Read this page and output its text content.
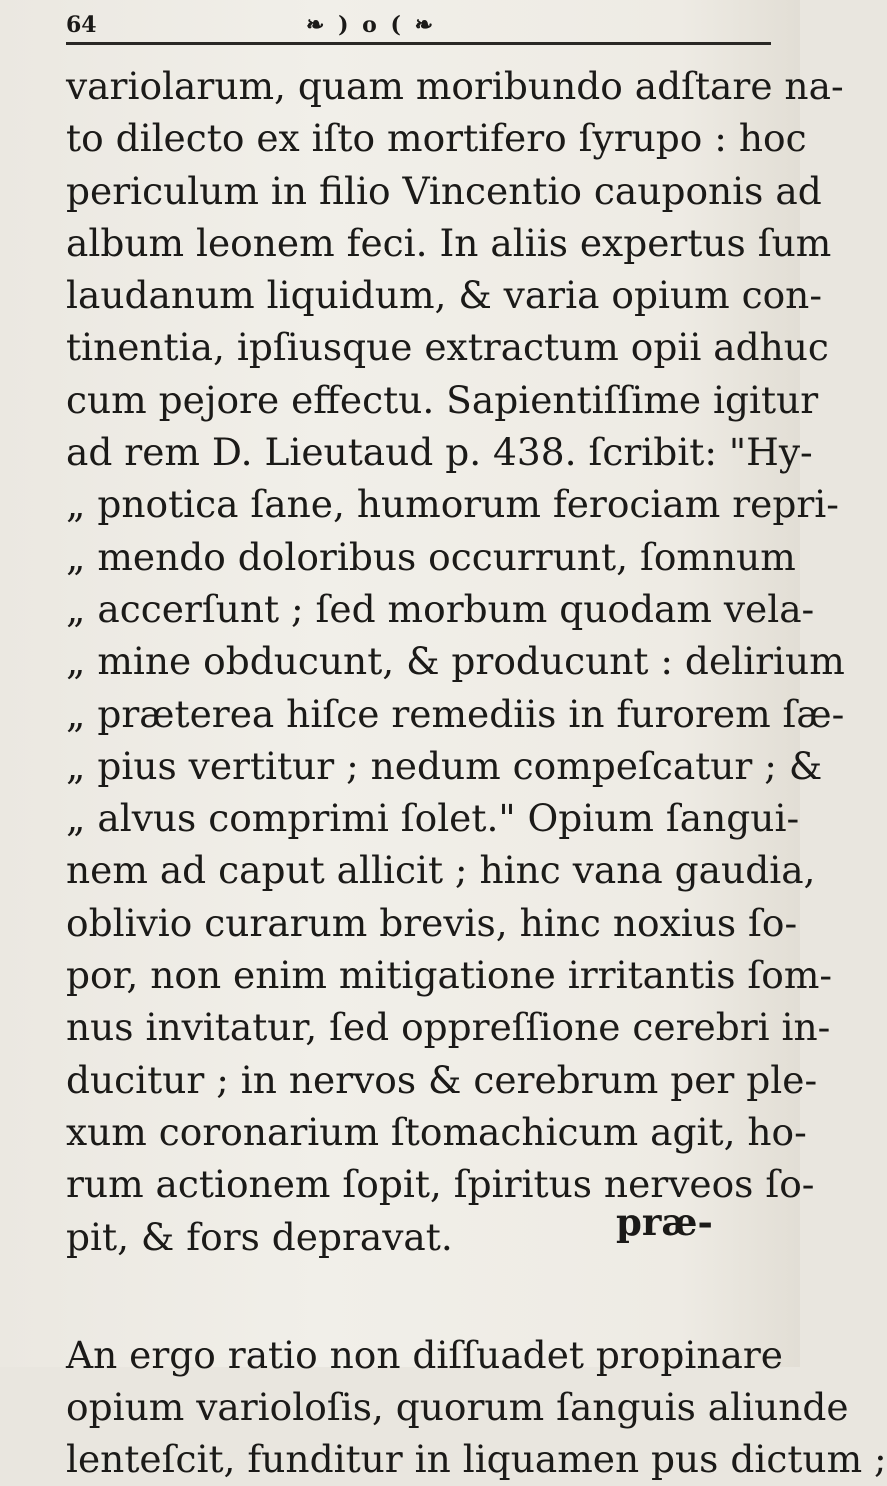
64	❧ ) o ( ❧
variolarum, quam moribundo adſtare na-
to dilecto ex iſto mortifero ſyrupo : hoc
periculum in filio Vincentio cauponis ad
album leonem feci. In aliis expertus ſum
laudanum liquidum, & varia opium con-
tinentia, ipſiusque extractum opii adhuc
cum pejore effectu. Sapientiſſime igitur
ad rem D. Lieutaud p. 438. ſcribit: "Hy-
„ pnotica ſane, humorum ferociam repri-
„ mendo doloribus occurrunt, ſomnum
„ accerſunt ; ſed morbum quodam vela-
„ mine obducunt, & producunt : delirium
„ præterea hiſce remediis in furorem ſæ-
„ pius vertitur ; nedum compeſcatur ; &
„ alvus comprimi ſolet." Opium ſangui-
nem ad caput allicit ; hinc vana gaudia,
oblivio curarum brevis, hinc noxius ſo-
por, non enim mitigatione irritantis ſom-
nus invitatur, ſed oppreſſione cerebri in-
ducitur ; in nervos & cerebrum per ple-
xum coronarium ſtomachicum agit, ho-
rum actionem ſopit, ſpiritus nerveos ſo-
pit, & fors depravat.
An ergo ratio non diſſuadet propinare
opium varioloſis, quorum ſanguis aliunde
lenteſcit, funditur in liquamen pus dictum ;
præ-
